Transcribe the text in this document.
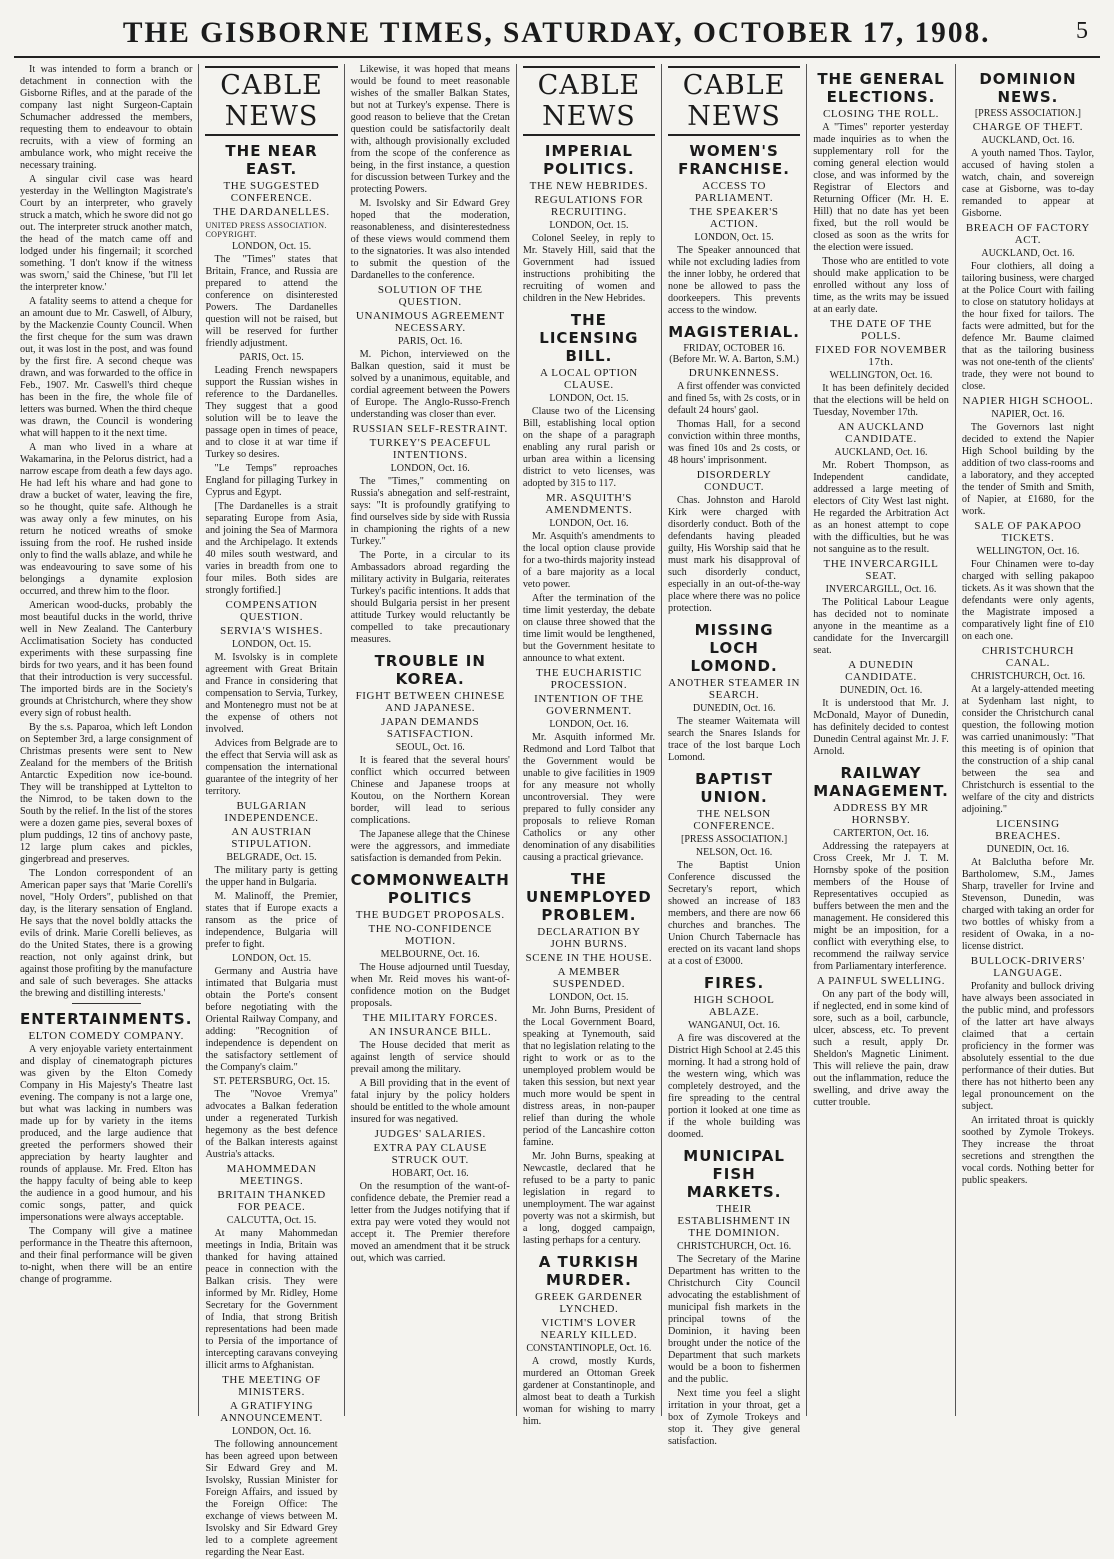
THE GISBORNE TIMES, SATURDAY, OCTOBER 17, 1908.	5

It was intended to form a branch or detachment in connection with the Gisborne Rifles, and at the parade of the company last night Surgeon-Captain Schumacher addressed the members, requesting them to endeavour to obtain recruits, with a view of forming an ambulance work, who might receive the necessary training.

A singular civil case was heard yesterday in the Wellington Magistrate's Court by an interpreter, who gravely struck a match, which he swore did not go out. The interpreter struck another match, the head of the match came off and lodged under his fingernail; it scorched something. 'I don't know if the witness was sworn,' said the Chinese, 'but I'll let the interpreter know.'

A fatality seems to attend a cheque for an amount due to Mr. Caswell, of Albury, by the Mackenzie County Council. When the first cheque for the sum was drawn out, it was lost in the post, and was found by the first fire. A second cheque was drawn, and was forwarded to the office in Feb., 1907. Mr. Caswell's third cheque has been in the fire, the whole file of letters was burned. When the third cheque was drawn, the Council is wondering what will happen to it the next time.

A man who lived in a whare at Wakamarina, in the Pelorus district, had a narrow escape from death a few days ago. He had left his whare and had gone to draw a bucket of water, leaving the fire, so he thought, quite safe. Although he was away only a few minutes, on his return he noticed wreaths of smoke issuing from the roof. He rushed inside only to find the walls ablaze, and while he was endeavouring to save some of his belongings a dynamite explosion occurred, and threw him to the floor.

American wood-ducks, probably the most beautiful ducks in the world, thrive well in New Zealand. The Canterbury Acclimatisation Society has conducted experiments with these surpassing fine birds for two years, and it has been found that their introduction is very successful. The imported birds are in the Society's grounds at Christchurch, where they show every sign of robust health.

By the s.s. Paparoa, which left London on September 3rd, a large consignment of Christmas presents were sent to New Zealand for the members of the British Antarctic Expedition now ice-bound. They will be transhipped at Lyttelton to the Nimrod, to be taken down to the South by the relief. In the list of the stores were a dozen game pies, several boxes of plum puddings, 12 tins of anchovy paste, 12 large plum cakes and pickles, gingerbread and preserves.

The London correspondent of an American paper says that 'Marie Corelli's novel, "Holy Orders", published on that day, is the literary sensation of England. He says that the novel boldly attacks the evils of drink. Marie Corelli believes, as do the United States, there is a growing reaction, not only against drink, but against those profiting by the manufacture and sale of such beverages. She attacks the brewing and distilling interests.'

ENTERTAINMENTS.
ELTON COMEDY COMPANY.

A very enjoyable variety entertainment and display of cinematograph pictures was given by the Elton Comedy Company in His Majesty's Theatre last evening. The company is not a large one, but what was lacking in numbers was made up for by variety in the items produced, and the large audience that greeted the performers showed their appreciation by hearty laughter and rounds of applause. Mr. Fred. Elton has the happy faculty of being able to keep the audience in a good humour, and his comic songs, patter, and quick impersonations were always acceptable.

The Company will give a matinee performance in the Theatre this afternoon, and their final performance will be given to-night, when there will be an entire change of programme.

CABLE NEWS
THE NEAR EAST.
THE SUGGESTED CONFERENCE.
THE DARDANELLES.
UNITED PRESS ASSOCIATION. COPYRIGHT.
LONDON, Oct. 15.

The "Times" states that Britain, France, and Russia are prepared to attend the conference on disinterested Powers. The Dardanelles question will not be raised, but will be reserved for further friendly adjustment.

PARIS, Oct. 15.

Leading French newspapers support the Russian wishes in reference to the Dardanelles. They suggest that a good solution will be to leave the passage open in times of peace, and to close it at war time if Turkey so desires.

"Le Temps" reproaches England for pillaging Turkey in Cyprus and Egypt.

[The Dardanelles is a strait separating Europe from Asia, and joining the Sea of Marmora and the Archipelago. It extends 40 miles south westward, and varies in breadth from one to four miles. Both sides are strongly fortified.]

COMPENSATION QUESTION.
SERVIA'S WISHES.
LONDON, Oct. 15.

M. Isvolsky is in complete agreement with Great Britain and France in considering that compensation to Servia, Turkey, and Montenegro must not be at the expense of others not involved.

Advices from Belgrade are to the effect that Servia will ask as compensation the international guarantee of the integrity of her territory.

BULGARIAN INDEPENDENCE.
AN AUSTRIAN STIPULATION.
BELGRADE, Oct. 15.

The military party is getting the upper hand in Bulgaria.

M. Malinoff, the Premier, states that if Europe exacts a ransom as the price of independence, Bulgaria will prefer to fight.

LONDON, Oct. 15.

Germany and Austria have intimated that Bulgaria must obtain the Porte's consent before negotiating with the Oriental Railway Company, and adding: "Recognition of independence is dependent on the satisfactory settlement of the Company's claim."

ST. PETERSBURG, Oct. 15.

The "Novoe Vremya" advocates a Balkan federation under a regenerated Turkish hegemony as the best defence of the Balkan interests against Austria's attacks.

MAHOMMEDAN MEETINGS.
BRITAIN THANKED FOR PEACE.
CALCUTTA, Oct. 15.

At many Mahommedan meetings in India, Britain was thanked for having attained peace in connection with the Balkan crisis. They were informed by Mr. Ridley, Home Secretary for the Government of India, that strong British representations had been made to Persia of the importance of intercepting caravans conveying illicit arms to Afghanistan.

THE MEETING OF MINISTERS.
A GRATIFYING ANNOUNCEMENT.
LONDON, Oct. 16.

The following announcement has been agreed upon between Sir Edward Grey and M. Isvolsky, Russian Minister for Foreign Affairs, and issued by the Foreign Office: The exchange of views between M. Isvolsky and Sir Edward Grey led to a complete agreement regarding the Near East.

Likewise, it was hoped that means would be found to meet reasonable wishes of the smaller Balkan States, but not at Turkey's expense. There is good reason to believe that the Cretan question could be satisfactorily dealt with, although provisionally excluded from the scope of the conference as being, in the first instance, a question for discussion between Turkey and the protecting Powers.

M. Isvolsky and Sir Edward Grey hoped that the moderation, reasonableness, and disinterestedness of these views would commend them to the signatories. It was also intended to submit the question of the Dardanelles to the conference.

SOLUTION OF THE QUESTION.
UNANIMOUS AGREEMENT NECESSARY.
PARIS, Oct. 16.

M. Pichon, interviewed on the Balkan question, said it must be solved by a unanimous, equitable, and cordial agreement between the Powers of Europe. The Anglo-Russo-French understanding was closer than ever.

RUSSIAN SELF-RESTRAINT.
TURKEY'S PEACEFUL INTENTIONS.
LONDON, Oct. 16.

The "Times," commenting on Russia's abnegation and self-restraint, says: "It is profoundly gratifying to find ourselves side by side with Russia in championing the rights of a new Turkey."

The Porte, in a circular to its Ambassadors abroad regarding the military activity in Bulgaria, reiterates Turkey's pacific intentions. It adds that should Bulgaria persist in her present attitude Turkey would reluctantly be compelled to take precautionary measures.

TROUBLE IN KOREA.
FIGHT BETWEEN CHINESE AND JAPANESE.
JAPAN DEMANDS SATISFACTION.
SEOUL, Oct. 16.

It is feared that the several hours' conflict which occurred between Chinese and Japanese troops at Koutou, on the Northern Korean border, will lead to serious complications.

The Japanese allege that the Chinese were the aggressors, and immediate satisfaction is demanded from Pekin.

COMMONWEALTH POLITICS
THE BUDGET PROPOSALS.
THE NO-CONFIDENCE MOTION.
MELBOURNE, Oct. 16.

The House adjourned until Tuesday, when Mr. Reid moves his want-of-confidence motion on the Budget proposals.

THE MILITARY FORCES.
AN INSURANCE BILL.

The House decided that merit as against length of service should prevail among the military.

A Bill providing that in the event of fatal injury by the policy holders should be entitled to the whole amount insured for was negatived.

JUDGES' SALARIES.
EXTRA PAY CLAUSE STRUCK OUT.
HOBART, Oct. 16.

On the resumption of the want-of-confidence debate, the Premier read a letter from the Judges notifying that if extra pay were voted they would not accept it. The Premier therefore moved an amendment that it be struck out, which was carried.

CABLE NEWS
IMPERIAL POLITICS.
THE NEW HEBRIDES.
REGULATIONS FOR RECRUITING.
LONDON, Oct. 15.

Colonel Seeley, in reply to Mr. Stavely Hill, said that the Government had issued instructions prohibiting the recruiting of women and children in the New Hebrides.

THE LICENSING BILL.
A LOCAL OPTION CLAUSE.
LONDON, Oct. 15.

Clause two of the Licensing Bill, establishing local option on the shape of a paragraph enabling any rural parish or urban area within a licensing district to veto licenses, was adopted by 315 to 117.

MR. ASQUITH'S AMENDMENTS.
LONDON, Oct. 16.

Mr. Asquith's amendments to the local option clause provide for a two-thirds majority instead of a bare majority as a local veto power.

After the termination of the time limit yesterday, the debate on clause three showed that the time limit would be lengthened, but the Government hesitate to announce to what extent.

THE EUCHARISTIC PROCESSION.
INTENTION OF THE GOVERNMENT.
LONDON, Oct. 16.

Mr. Asquith informed Mr. Redmond and Lord Talbot that the Government would be unable to give facilities in 1909 for any measure not wholly uncontroversial. They were prepared to fully consider any proposals to relieve Roman Catholics or any other denomination of any disabilities causing a practical grievance.

THE UNEMPLOYED PROBLEM.
DECLARATION BY JOHN BURNS.
SCENE IN THE HOUSE.
A MEMBER SUSPENDED.
LONDON, Oct. 15.

Mr. John Burns, President of the Local Government Board, speaking at Tynemouth, said that no legislation relating to the right to work or as to the unemployed problem would be taken this session, but next year much more would be spent in distress areas, in non-pauper relief than during the whole period of the Lancashire cotton famine.

Mr. John Burns, speaking at Newcastle, declared that he refused to be a party to panic legislation in regard to unemployment. The war against poverty was not a skirmish, but a long, dogged campaign, lasting perhaps for a century.

A TURKISH MURDER.
GREEK GARDENER LYNCHED.
VICTIM'S LOVER NEARLY KILLED.
CONSTANTINOPLE, Oct. 16.

A crowd, mostly Kurds, murdered an Ottoman Greek gardener at Constantinople, and almost beat to death a Turkish woman for wishing to marry him.

CABLE NEWS
WOMEN'S FRANCHISE.
ACCESS TO PARLIAMENT.
THE SPEAKER'S ACTION.
LONDON, Oct. 15.

The Speaker announced that while not excluding ladies from the inner lobby, he ordered that none be allowed to pass the doorkeepers. This prevents access to the window.

MAGISTERIAL.
FRIDAY, OCTOBER 16. (Before Mr. W. A. Barton, S.M.)
DRUNKENNESS.

A first offender was convicted and fined 5s, with 2s costs, or in default 24 hours' gaol.

Thomas Hall, for a second conviction within three months, was fined 10s and 2s costs, or 48 hours' imprisonment.

DISORDERLY CONDUCT.

Chas. Johnston and Harold Kirk were charged with disorderly conduct. Both of the defendants having pleaded guilty, His Worship said that he must mark his disapproval of such disorderly conduct, especially in an out-of-the-way place where there was no police protection.

MISSING LOCH LOMOND.
ANOTHER STEAMER IN SEARCH.
DUNEDIN, Oct. 16.

The steamer Waitemata will search the Snares Islands for trace of the lost barque Loch Lomond.

BAPTIST UNION.
THE NELSON CONFERENCE.
[PRESS ASSOCIATION.]
NELSON, Oct. 16.

The Baptist Union Conference discussed the Secretary's report, which showed an increase of 183 members, and there are now 66 churches and branches. The Union Church Tabernacle has erected on its vacant land shops at a cost of £3000.

FIRES.
HIGH SCHOOL ABLAZE.
WANGANUI, Oct. 16.

A fire was discovered at the District High School at 2.45 this morning. It had a strong hold of the western wing, which was completely destroyed, and the fire spreading to the central portion it looked at one time as if the whole building was doomed.

MUNICIPAL FISH MARKETS.
THEIR ESTABLISHMENT IN THE DOMINION.
CHRISTCHURCH, Oct. 16.

The Secretary of the Marine Department has written to the Christchurch City Council advocating the establishment of municipal fish markets in the principal towns of the Dominion, it having been brought under the notice of the Department that such markets would be a boon to fishermen and the public.

Next time you feel a slight irritation in your throat, get a box of Zymole Trokeys and stop it. They give general satisfaction.

THE GENERAL ELECTIONS.
CLOSING THE ROLL.

A "Times" reporter yesterday made inquiries as to when the supplementary roll for the coming general election would close, and was informed by the Registrar of Electors and Returning Officer (Mr. H. E. Hill) that no date has yet been fixed, but the roll would be closed as soon as the writs for the election were issued.

Those who are entitled to vote should make application to be enrolled without any loss of time, as the writs may be issued at an early date.

THE DATE OF THE POLLS.
FIXED FOR NOVEMBER 17th.
WELLINGTON, Oct. 16.

It has been definitely decided that the elections will be held on Tuesday, November 17th.

AN AUCKLAND CANDIDATE.
AUCKLAND, Oct. 16.

Mr. Robert Thompson, as Independent candidate, addressed a large meeting of electors of City West last night. He regarded the Arbitration Act as an honest attempt to cope with the difficulties, but he was not sanguine as to the result.

THE INVERCARGILL SEAT.
INVERCARGILL, Oct. 16.

The Political Labour League has decided not to nominate anyone in the meantime as a candidate for the Invercargill seat.

A DUNEDIN CANDIDATE.
DUNEDIN, Oct. 16.

It is understood that Mr. J. McDonald, Mayor of Dunedin, has definitely decided to contest Dunedin Central against Mr. J. F. Arnold.

RAILWAY MANAGEMENT.
ADDRESS BY MR HORNSBY.
CARTERTON, Oct. 16.

Addressing the ratepayers at Cross Creek, Mr J. T. M. Hornsby spoke of the position members of the House of Representatives occupied as buffers between the men and the management. He considered this might be an imposition, for a conflict with everything else, to recommend the railway service from Parliamentary interference.

A PAINFUL SWELLING.

On any part of the body will, if neglected, end in some kind of sore, such as a boil, carbuncle, ulcer, abscess, etc. To prevent such a result, apply Dr. Sheldon's Magnetic Liniment. This will relieve the pain, draw out the inflammation, reduce the swelling, and drive away the cutter trouble.

DOMINION NEWS.
[PRESS ASSOCIATION.]
CHARGE OF THEFT.
AUCKLAND, Oct. 16.

A youth named Thos. Taylor, accused of having stolen a watch, chain, and sovereign case at Gisborne, was to-day remanded to appear at Gisborne.

BREACH OF FACTORY ACT.
AUCKLAND, Oct. 16.

Four clothiers, all doing a tailoring business, were charged at the Police Court with failing to close on statutory holidays at the hour fixed for tailors. The facts were admitted, but for the defence Mr. Baume claimed that as the tailoring business was not one-tenth of the clients' trade, they were not bound to close.

NAPIER HIGH SCHOOL.
NAPIER, Oct. 16.

The Governors last night decided to extend the Napier High School building by the addition of two class-rooms and a laboratory, and they accepted the tender of Smith and Smith, of Napier, at £1680, for the work.

SALE OF PAKAPOO TICKETS.
WELLINGTON, Oct. 16.

Four Chinamen were to-day charged with selling pakapoo tickets. As it was shown that the defendants were only agents, the Magistrate imposed a comparatively light fine of £10 on each one.

CHRISTCHURCH CANAL.
CHRISTCHURCH, Oct. 16.

At a largely-attended meeting at Sydenham last night, to consider the Christchurch canal question, the following motion was carried unanimously: "That this meeting is of opinion that the construction of a ship canal between the sea and Christchurch is essential to the welfare of the city and districts adjoining."

LICENSING BREACHES.
DUNEDIN, Oct. 16.

At Balclutha before Mr. Bartholomew, S.M., James Sharp, traveller for Irvine and Stevenson, Dunedin, was charged with taking an order for two bottles of whisky from a resident of Owaka, in a no-license district.

BULLOCK-DRIVERS' LANGUAGE.

Profanity and bullock driving have always been associated in the public mind, and professors of the latter art have always claimed that a certain proficiency in the former was absolutely essential to the due performance of their duties. But there has not hitherto been any legal pronouncement on the subject.

An irritated throat is quickly soothed by Zymole Trokeys. They increase the throat secretions and strengthen the vocal cords. Nothing better for public speakers.
